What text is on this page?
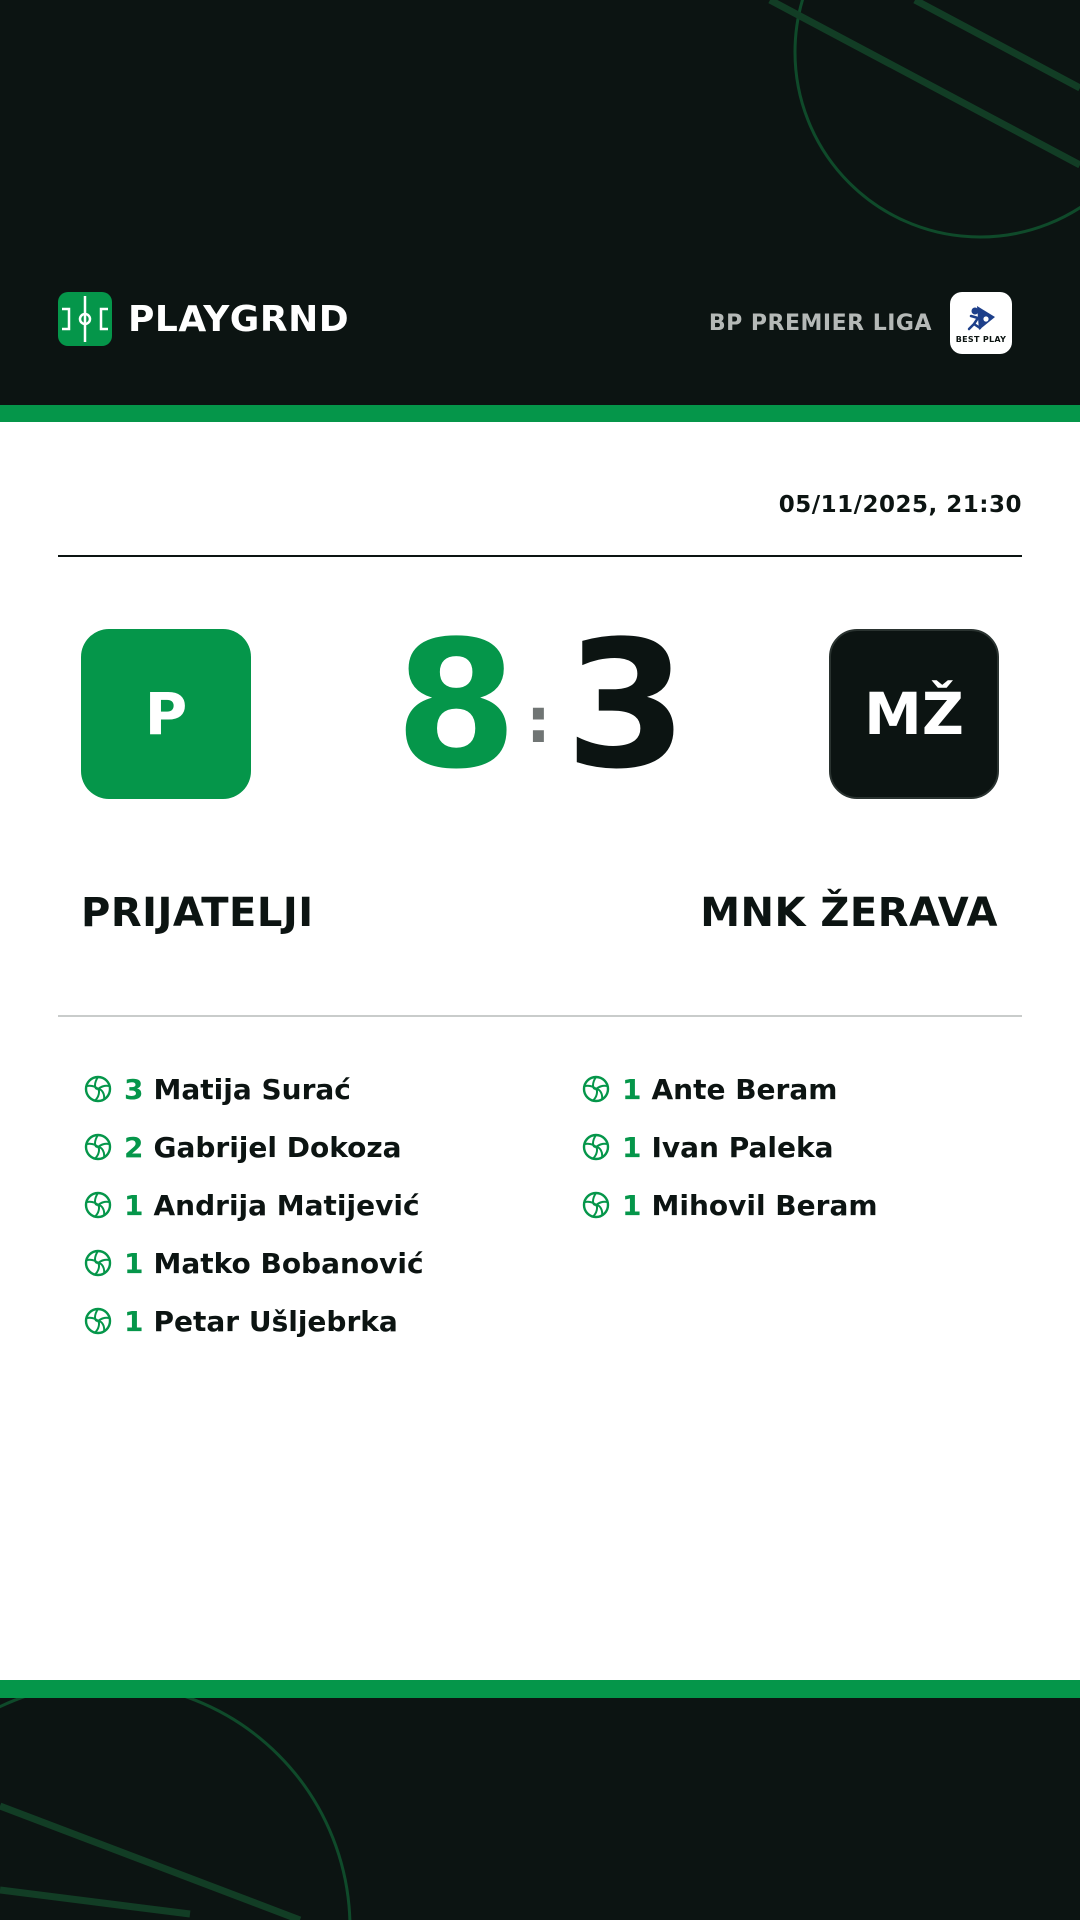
PLAYGRND	BP PREMIER LIGA
BEST PLAY
05/11/2025, 21:30
P 8 : 3	MŽ
PRIJATELJI	MNK ŽERAVA
3 Matija Surać
2 Gabrijel Dokoza
1 Andrija Matijević
1 Matko Bobanović
1 Petar Ušljebrka
1 Ante Beram
1 Ivan Paleka
1 Mihovil Beram
